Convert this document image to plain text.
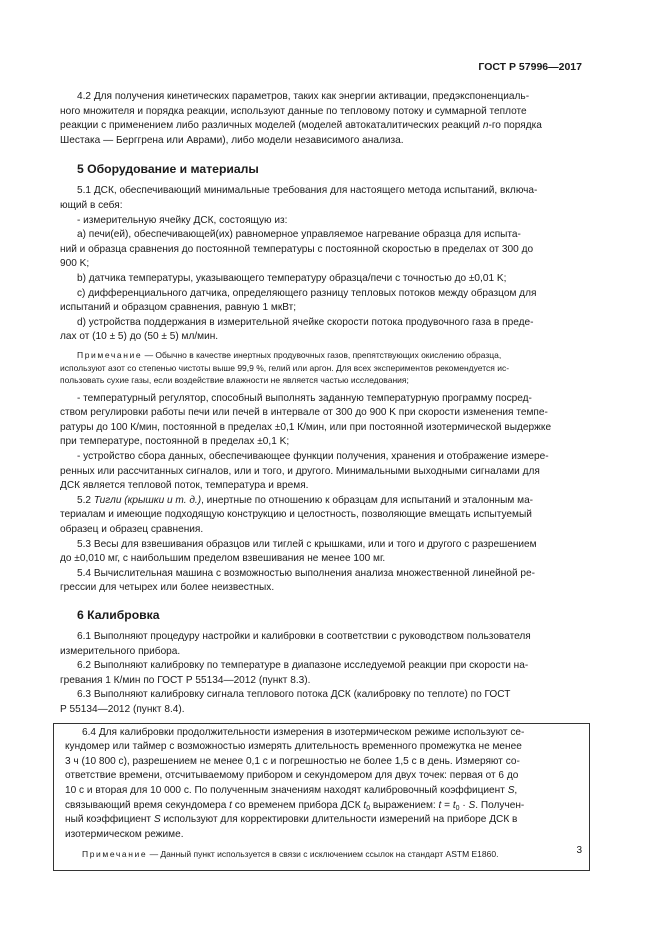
ГОСТ Р 57996—2017

4.2 Для получения кинетических параметров, таких как энергии активации, предэкспоненциаль-

ного множителя и порядка реакции, используют данные по тепловому потоку и суммарной теплоте

реакции с применением либо различных моделей (моделей автокаталитических реакций n-го порядка

Шестака — Берггрена или Аврами), либо модели независимого анализа.

5 Оборудование и материалы

5.1 ДСК, обеспечивающий минимальные требования для настоящего метода испытаний, включа-

ющий в себя:

- измерительную ячейку ДСК, состоящую из:

a) печи(ей), обеспечивающей(их) равномерное управляемое нагревание образца для испыта-

ний и образца сравнения до постоянной температуры с постоянной скоростью в пределах от 300 до

900 K;

b) датчика температуры, указывающего температуру образца/печи с точностью до ±0,01 K;

c) дифференциального датчика, определяющего разницу тепловых потоков между образцом для

испытаний и образцом сравнения, равную 1 мкВт;

d) устройства поддержания в измерительной ячейке скорости потока продувочного газа в преде-

лах от (10 ± 5) до (50 ± 5) мл/мин.

Примечание — Обычно в качестве инертных продувочных газов, препятствующих окислению образца,
используют азот со степенью чистоты выше 99,9 %, гелий или аргон. Для всех экспериментов рекомендуется ис-
пользовать сухие газы, если воздействие влажности не является частью исследования;

- температурный регулятор, способный выполнять заданную температурную программу посред-

ством регулировки работы печи или печей в интервале от 300 до 900 K при скорости изменения темпе-

ратуры до 100 К/мин, постоянной в пределах ±0,1 К/мин, или при постоянной изотермической выдержке

при температуре, постоянной в пределах ±0,1 K;

- устройство сбора данных, обеспечивающее функции получения, хранения и отображение измере-

ренных или рассчитанных сигналов, или и того, и другого. Минимальными выходными сигналами для

ДСК является тепловой поток, температура и время.

5.2 Тигли (крышки и т. д.), инертные по отношению к образцам для испытаний и эталонным ма-

териалам и имеющие подходящую конструкцию и целостность, позволяющие вмещать испытуемый

образец и образец сравнения.

5.3 Весы для взвешивания образцов или тиглей с крышками, или и того и другого с разрешением

до ±0,010 мг, с наибольшим пределом взвешивания не менее 100 мг.

5.4 Вычислительная машина с возможностью выполнения анализа множественной линейной ре-

грессии для четырех или более неизвестных.

6 Калибровка

6.1 Выполняют процедуру настройки и калибровки в соответствии с руководством пользователя

измерительного прибора.

6.2 Выполняют калибровку по температуре в диапазоне исследуемой реакции при скорости на-

гревания 1 К/мин по ГОСТ Р 55134—2012 (пункт 8.3).

6.3 Выполняют калибровку сигнала теплового потока ДСК (калибровку по теплоте) по ГОСТ

Р 55134—2012 (пункт 8.4).

6.4 Для калибровки продолжительности измерения в изотермическом режиме используют се-

кундомер или таймер с возможностью измерять длительность временного промежутка не менее

3 ч (10 800 с), разрешением не менее 0,1 с и погрешностью не более 1,5 с в день. Измеряют со-

ответствие времени, отсчитываемому прибором и секундомером для двух точек: первая от 6 до

10 с и вторая для 10 000 с. По полученным значениям находят калибровочный коэффициент S,

связывающий время секундомера t со временем прибора ДСК $t_0$ выражением: $t = t_0 \cdot S$. Получен-

ный коэффициент S используют для корректировки длительности измерений на приборе ДСК в

изотермическом режиме.

Примечание — Данный пункт используется в связи с исключением ссылок на стандарт ASTM E1860.	3
